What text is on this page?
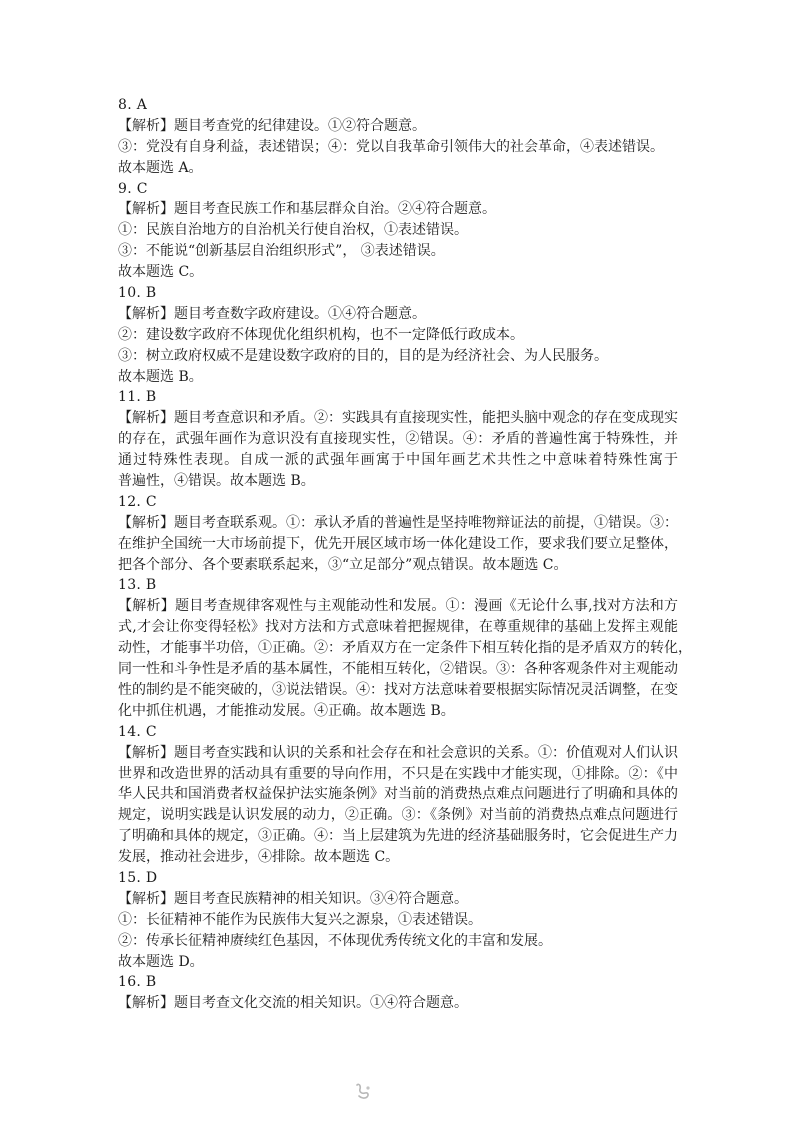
8. A
【解析】题目考查党的纪律建设。①②符合题意。
③：党没有自身利益，表述错误；④：党以自我革命引领伟大的社会革命，④表述错误。
故本题选 A。
9. C
【解析】题目考查民族工作和基层群众自治。②④符合题意。
①：民族自治地方的自治机关行使自治权，①表述错误。
③：不能说“创新基层自治组织形式”， ③表述错误。
故本题选 C。
10. B
【解析】题目考查数字政府建设。①④符合题意。
②：建设数字政府不体现优化组织机构，也不一定降低行政成本。
③：树立政府权威不是建设数字政府的目的，目的是为经济社会、为人民服务。
故本题选 B。
11. B
【解析】题目考查意识和矛盾。②：实践具有直接现实性，能把头脑中观念的存在变成现实
的存在，武强年画作为意识没有直接现实性，②错误。④：矛盾的普遍性寓于特殊性，并
通过特殊性表现。自成一派的武强年画寓于中国年画艺术共性之中意味着特殊性寓于
普遍性，④错误。故本题选 B。
12. C
【解析】题目考查联系观。①：承认矛盾的普遍性是坚持唯物辩证法的前提，①错误。③：
在维护全国统一大市场前提下，优先开展区域市场一体化建设工作，要求我们要立足整体，
把各个部分、各个要素联系起来，③“立足部分”观点错误。故本题选 C。
13. B
【解析】题目考查规律客观性与主观能动性和发展。①：漫画《无论什么事,找对方法和方
式,才会让你变得轻松》找对方法和方式意味着把握规律，在尊重规律的基础上发挥主观能
动性，才能事半功倍，①正确。②：矛盾双方在一定条件下相互转化指的是矛盾双方的转化，
同一性和斗争性是矛盾的基本属性，不能相互转化，②错误。③：各种客观条件对主观能动
性的制约是不能突破的，③说法错误。④：找对方法意味着要根据实际情况灵活调整，在变
化中抓住机遇，才能推动发展。④正确。故本题选 B。
14. C
【解析】题目考查实践和认识的关系和社会存在和社会意识的关系。①：价值观对人们认识
世界和改造世界的活动具有重要的导向作用，不只是在实践中才能实现，①排除。②：《中
华人民共和国消费者权益保护法实施条例》对当前的消费热点难点问题进行了明确和具体的
规定，说明实践是认识发展的动力，②正确。③：《条例》对当前的消费热点难点问题进行
了明确和具体的规定，③正确。④：当上层建筑为先进的经济基础服务时，它会促进生产力
发展，推动社会进步，④排除。故本题选 C。
15. D
【解析】题目考查民族精神的相关知识。③④符合题意。
①：长征精神不能作为民族伟大复兴之源泉，①表述错误。
②：传承长征精神赓续红色基因，不体现优秀传统文化的丰富和发展。
故本题选 D。
16. B
【解析】题目考查文化交流的相关知识。①④符合题意。
